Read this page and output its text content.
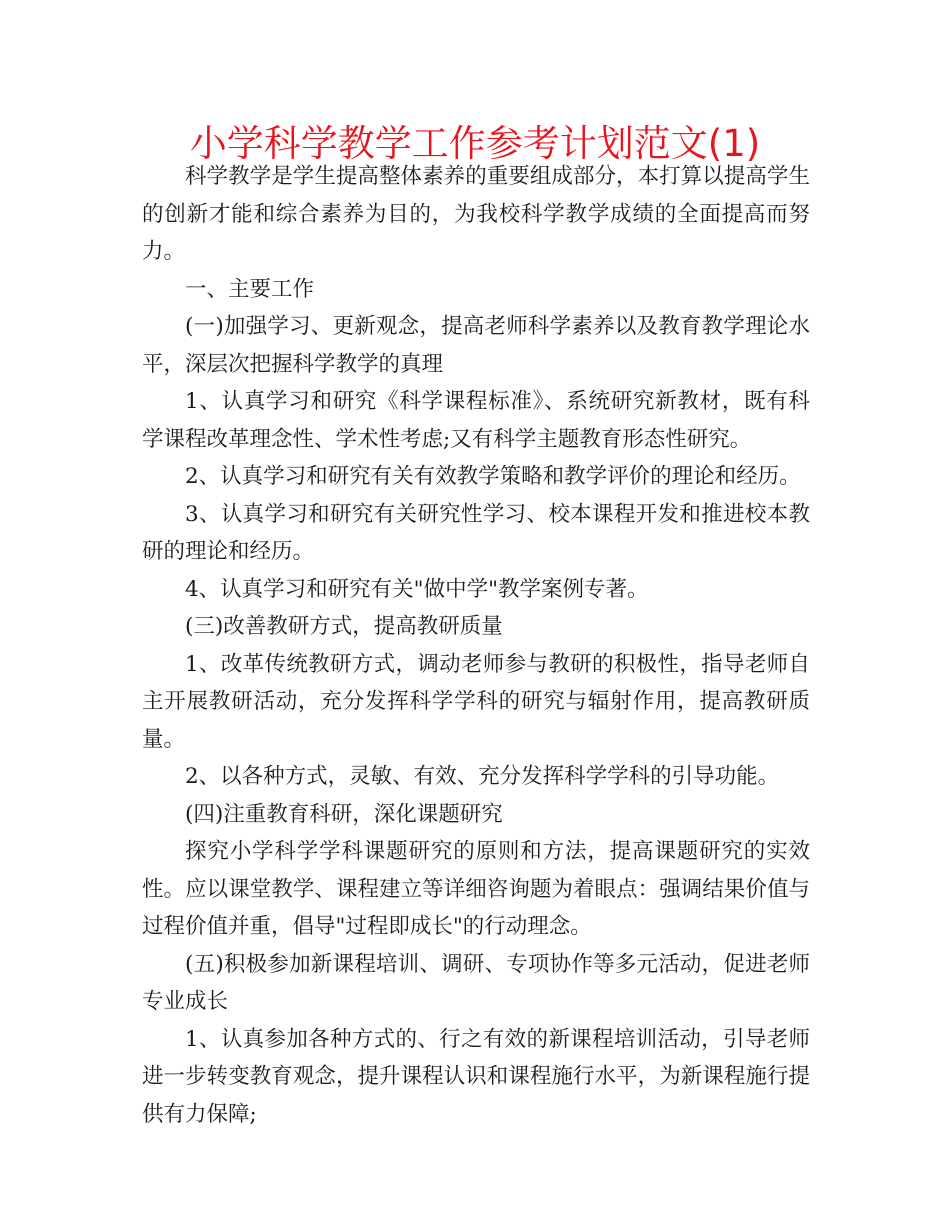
小学科学教学工作参考计划范文(1)

科学教学是学生提高整体素养的重要组成部分，本打算以提高学生的创新才能和综合素养为目的，为我校科学教学成绩的全面提高而努力。

一、主要工作

(一)加强学习、更新观念，提高老师科学素养以及教育教学理论水平，深层次把握科学教学的真理

1、认真学习和研究《科学课程标准》、系统研究新教材，既有科学课程改革理念性、学术性考虑;又有科学主题教育形态性研究。

2、认真学习和研究有关有效教学策略和教学评价的理论和经历。

3、认真学习和研究有关研究性学习、校本课程开发和推进校本教研的理论和经历。

4、认真学习和研究有关"做中学"教学案例专著。

(三)改善教研方式，提高教研质量

1、改革传统教研方式，调动老师参与教研的积极性，指导老师自主开展教研活动，充分发挥科学学科的研究与辐射作用，提高教研质量。

2、以各种方式，灵敏、有效、充分发挥科学学科的引导功能。

(四)注重教育科研，深化课题研究

探究小学科学学科课题研究的原则和方法，提高课题研究的实效性。应以课堂教学、课程建立等详细咨询题为着眼点：强调结果价值与过程价值并重，倡导"过程即成长"的行动理念。

(五)积极参加新课程培训、调研、专项协作等多元活动，促进老师专业成长

1、认真参加各种方式的、行之有效的新课程培训活动，引导老师进一步转变教育观念，提升课程认识和课程施行水平，为新课程施行提供有力保障;
